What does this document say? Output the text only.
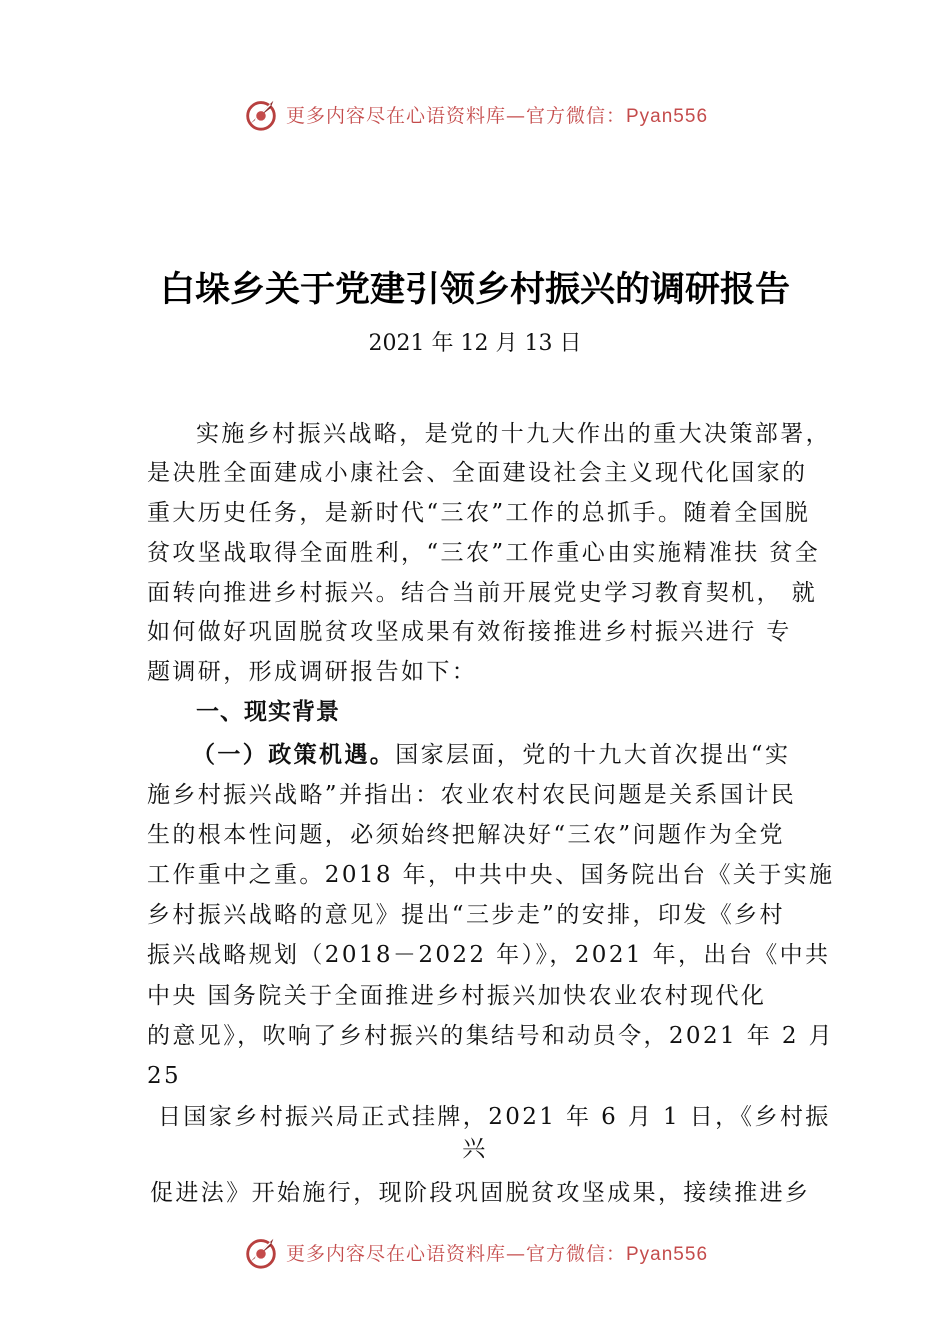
更多内容尽在心语资料库—官方微信：Pyan556
白垛乡关于党建引领乡村振兴的调研报告
2021 年 12 月 13 日
实施乡村振兴战略，是党的十九大作出的重大决策部署，
是决胜全面建成小康社会、全面建设社会主义现代化国家的
重大历史任务，是新时代“三农”工作的总抓手。随着全国脱
贫攻坚战取得全面胜利，“三农”工作重心由实施精准扶 贫全
面转向推进乡村振兴。结合当前开展党史学习教育契机， 就
如何做好巩固脱贫攻坚成果有效衔接推进乡村振兴进行 专
题调研，形成调研报告如下：
一、现实背景
（一）政策机遇。国家层面，党的十九大首次提出“实
施乡村振兴战略”并指出：农业农村农民问题是关系国计民
生的根本性问题，必须始终把解决好“三农”问题作为全党
工作重中之重。2018 年，中共中央、国务院出台《关于实施
乡村振兴战略的意见》提出“三步走”的安排，印发《乡村
振兴战略规划（2018－2022 年）》，2021 年，出台《中共
中央 国务院关于全面推进乡村振兴加快农业农村现代化
的意见》，吹响了乡村振兴的集结号和动员令，2021 年 2 月
25
日国家乡村振兴局正式挂牌，2021 年 6 月 1 日，《乡村振
兴
促进法》开始施行，现阶段巩固脱贫攻坚成果，接续推进乡
更多内容尽在心语资料库—官方微信：Pyan556
